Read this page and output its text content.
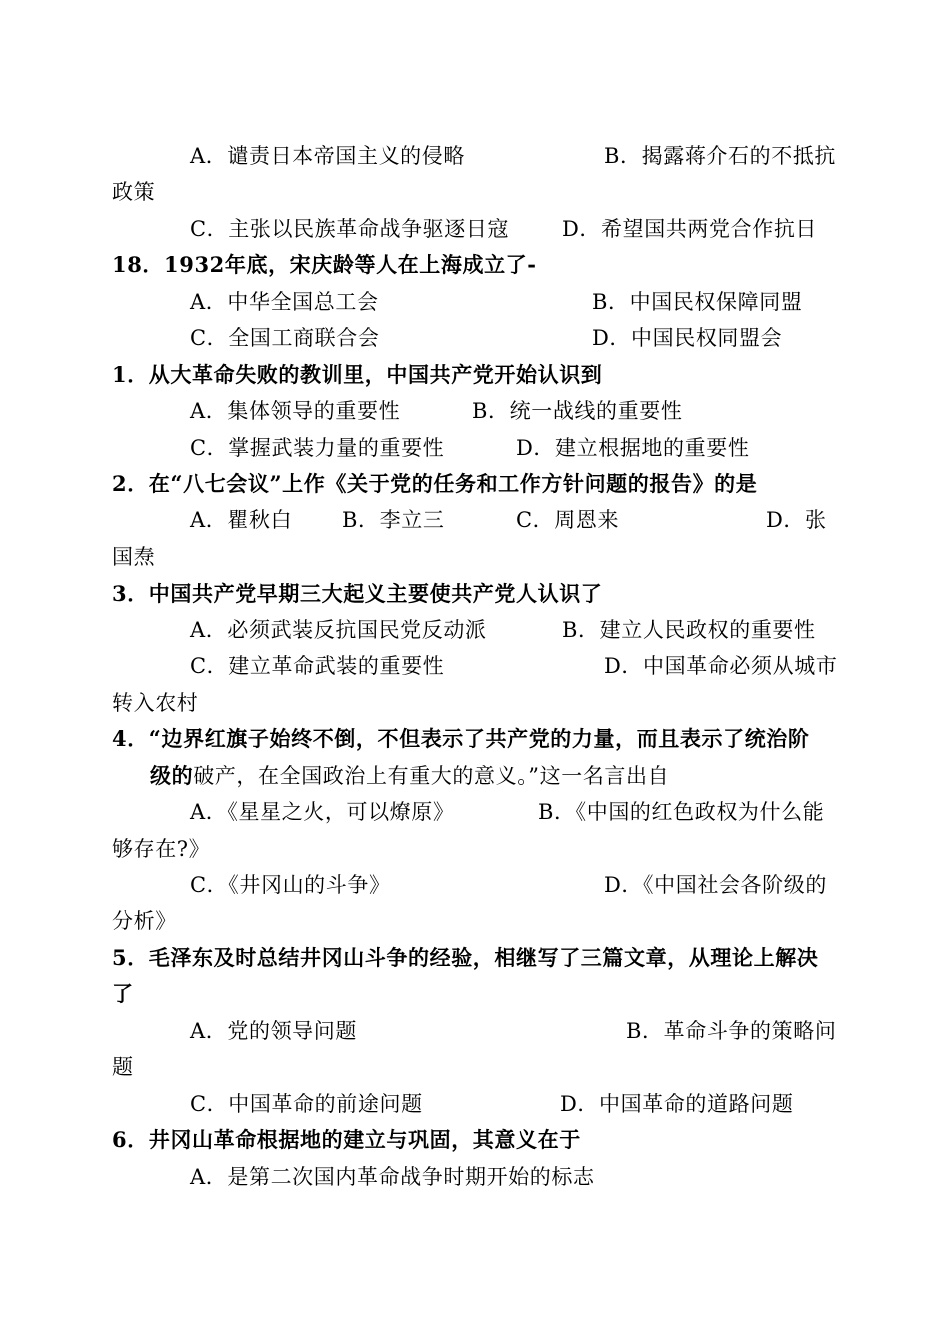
A．谴责日本帝国主义的侵略	B．揭露蒋介石的不抵抗
政策
C．主张以民族革命战争驱逐日寇	D．希望国共两党合作抗日
18．1932年底，宋庆龄等人在上海成立了-
A．中华全国总工会	B．中国民权保障同盟
C．全国工商联合会	D．中国民权同盟会
1．从大革命失败的教训里，中国共产党开始认识到
A．集体领导的重要性	B．统一战线的重要性
C．掌握武装力量的重要性	D．建立根据地的重要性
2．在“八七会议”上作《关于党的任务和工作方针问题的报告》的是
A．瞿秋白 B．李立三	C．周恩来	D．张
国焘
3．中国共产党早期三大起义主要使共产党人认识了
A．必须武装反抗国民党反动派	B．建立人民政权的重要性
C．建立革命武装的重要性	D．中国革命必须从城市
转入农村
4．“边界红旗子始终不倒，不但表示了共产党的力量，而且表示了统治阶
级的破产，在全国政治上有重大的意义。”这一名言出自
A．《星星之火，可以燎原》	B．《中国的红色政权为什么能
够存在?》
C．《井冈山的斗争》	D．《中国社会各阶级的
分析》
5．毛泽东及时总结井冈山斗争的经验，相继写了三篇文章，从理论上解决
了
A．党的领导问题	B．革命斗争的策略问
题
C．中国革命的前途问题	D．中国革命的道路问题
6．井冈山革命根据地的建立与巩固，其意义在于
A．是第二次国内革命战争时期开始的标志
